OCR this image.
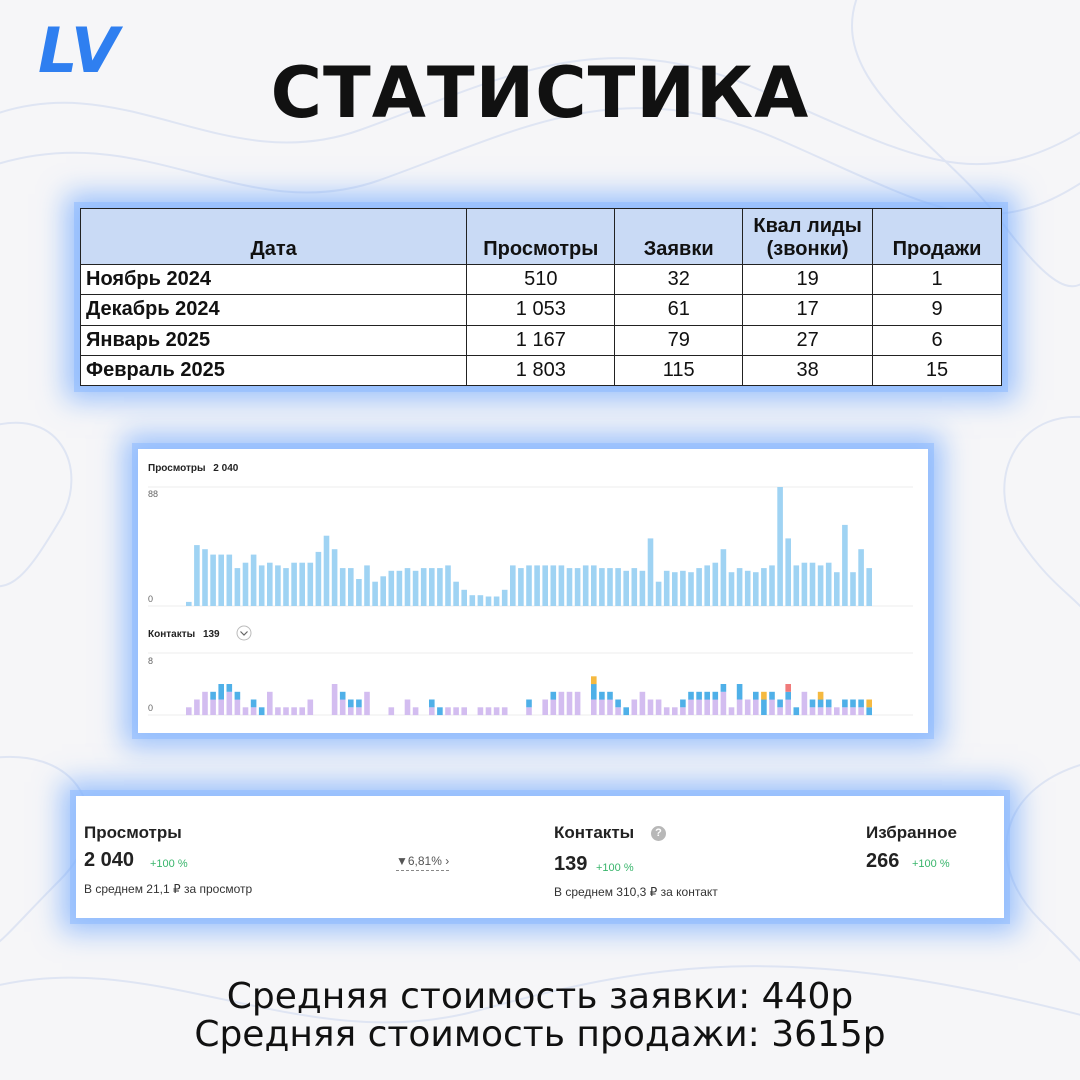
LV
СТАТИСТИКА
Дата	Просмотры	Заявки	Квал лиды (звонки)	Продажи
Ноябрь 2024	510	32	19	1
Декабрь 2024	1 053	61	17	9
Январь 2025	1 167	79	27	6
Февраль 2025	1 803	115	38	15
Просмотры 2 040
88
0
Контакты 139
8
0
Просмотры
2 040 +100 %
В среднем 21,1 ₽ за просмотр
▼6,81% ›
Контакты	?
139 +100 %
В среднем 310,3 ₽ за контакт
Избранное
266 +100 %
Средняя стоимость заявки: 440р
Средняя стоимость продажи: 3615р
